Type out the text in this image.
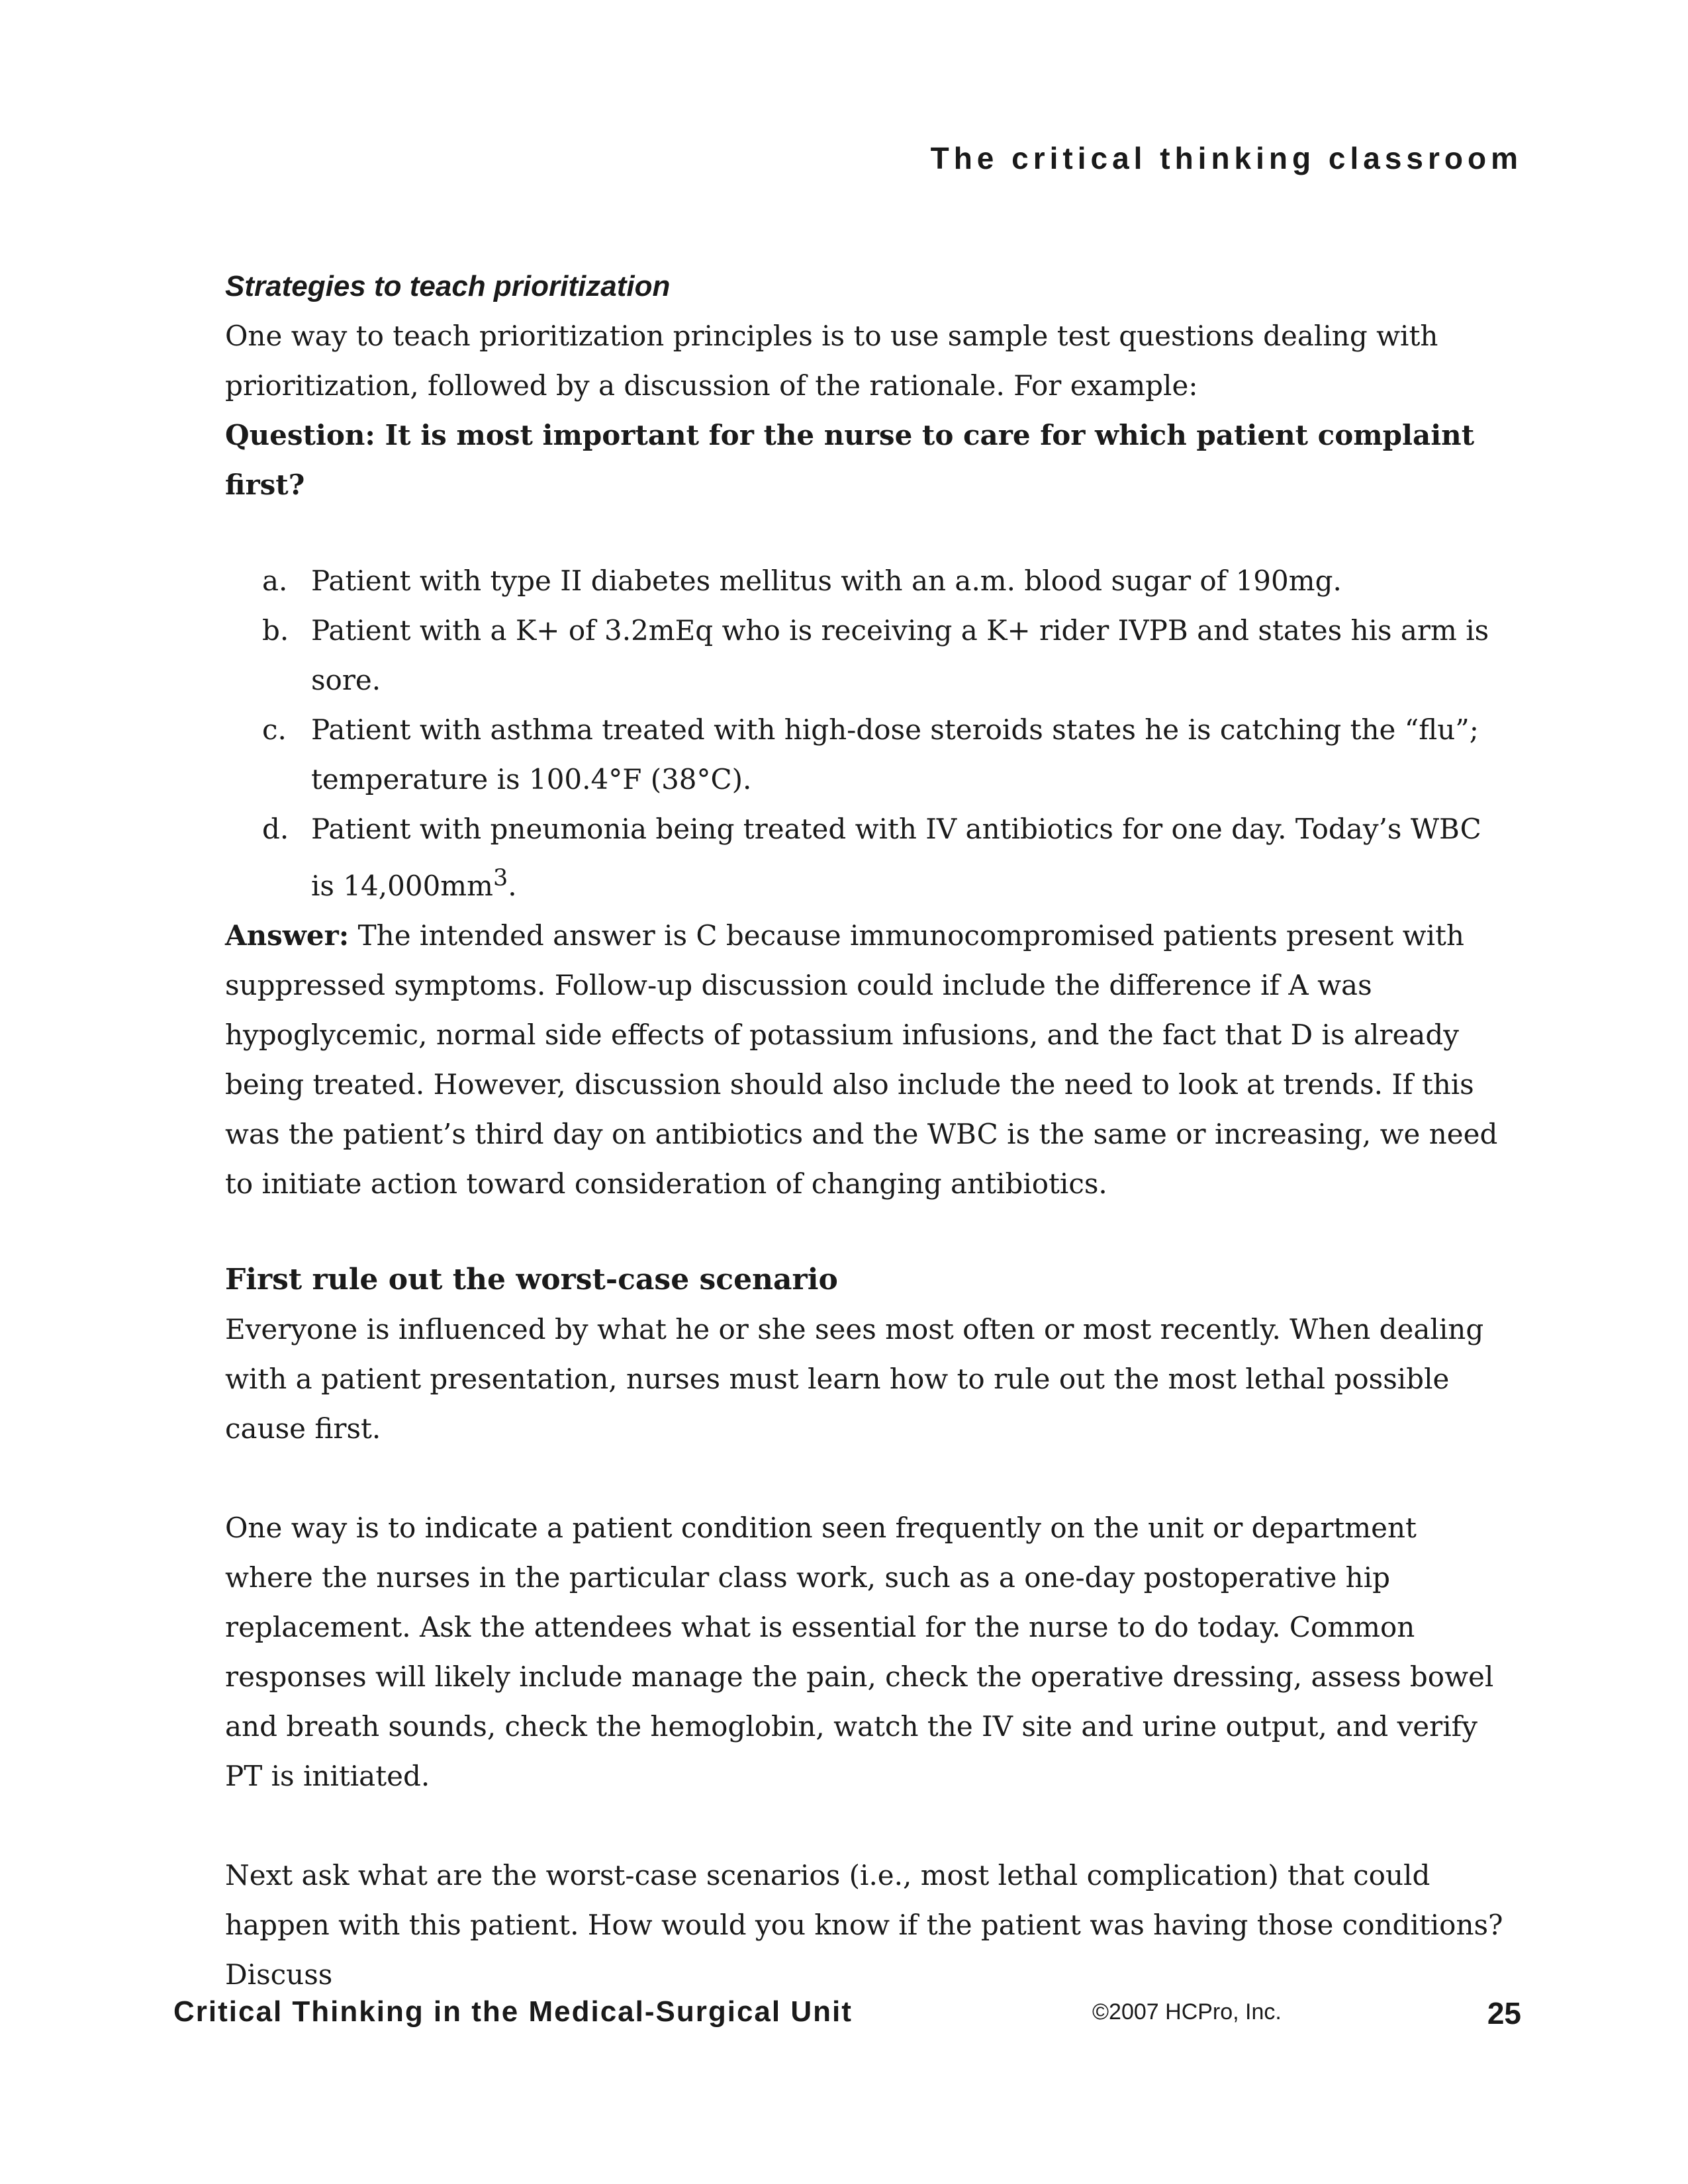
The critical thinking classroom
Strategies to teach prioritization

One way to teach prioritization principles is to use sample test questions dealing with prioritization, followed by a discussion of the rationale. For example:

Question: It is most important for the nurse to care for which patient complaint first?

a. Patient with type II diabetes mellitus with an a.m. blood sugar of 190mg.
b. Patient with a K+ of 3.2mEq who is receiving a K+ rider IVPB and states his arm is sore.
c. Patient with asthma treated with high-dose steroids states he is catching the “flu”; temperature is 100.4°F (38°C).
d. Patient with pneumonia being treated with IV antibiotics for one day. Today’s WBC is $14,000mm^3$.

Answer: The intended answer is C because immunocompromised patients present with suppressed symptoms. Follow-up discussion could include the difference if A was hypoglycemic, normal side effects of potassium infusions, and the fact that D is already being treated. However, discussion should also include the need to look at trends. If this was the patient’s third day on antibiotics and the WBC is the same or increasing, we need to initiate action toward consideration of changing antibiotics.

First rule out the worst-case scenario

Everyone is influenced by what he or she sees most often or most recently. When dealing with a patient presentation, nurses must learn how to rule out the most lethal possible cause first.

One way is to indicate a patient condition seen frequently on the unit or department where the nurses in the particular class work, such as a one-day postoperative hip replacement. Ask the attendees what is essential for the nurse to do today. Common responses will likely include manage the pain, check the operative dressing, assess bowel and breath sounds, check the hemoglobin, watch the IV site and urine output, and verify PT is initiated.

Next ask what are the worst-case scenarios (i.e., most lethal complication) that could happen with this patient. How would you know if the patient was having those conditions? Discuss

Critical Thinking in the Medical-Surgical Unit	©2007 HCPro, Inc.	25
